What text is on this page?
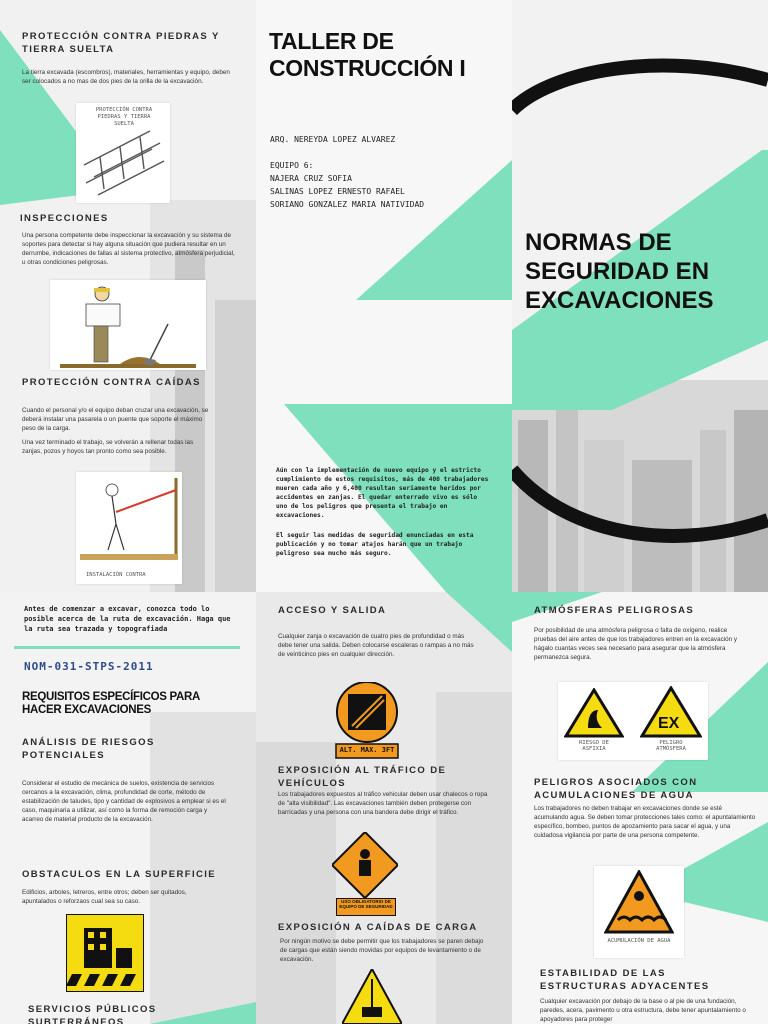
PROTECCIÓN CONTRA PIEDRAS Y TIERRA SUELTA

La tierra excavada (escombros), materiales, herramientas y equipo, deben ser colocados a no mas de dos pies de la orilla de la excavación.

PROTECCIÓN CONTRA PIEDRAS Y TIERRA SUELTA

INSPECCIONES

Una persona competente debe inspeccionar la excavación y su sistema de soportes para detectar si hay alguna situación que pudiera resultar en un derrumbe, indicaciones de fallas al sistema protectivo, atmósfera perjudicial, u otras condiciones peligrosas.

PROTECCIÓN CONTRA CAÍDAS

Cuando el personal y/o el equipo deban cruzar una excavación, se deberá instalar una pasarela o un puente que soporte el máximo peso de la carga.

Una vez terminado el trabajo, se volverán a rellenar todas las zanjas, pozos y hoyos tan pronto como sea posible.

INSTALACIÓN CONTRA

TALLER DE

CONSTRUCCIÓN I

ARQ. NEREYDA LOPEZ ALVAREZ

EQUIPO 6:

NAJERA CRUZ SOFIA

SALINAS LOPEZ ERNESTO RAFAEL

SORIANO GONZALEZ MARIA NATIVIDAD

Aún con la implementación de nuevo equipo y el estricto cumplimiento de estos requisitos, más de 400 trabajadores mueren cada año y 6,400 resultan seriamente heridos por accidentes en zanjas. El quedar enterrado vivo es sólo uno de los peligros que presenta el trabajo en excavaciones.

El seguir las medidas de seguridad enunciadas en esta publicación y no tomar atajos harán que un trabajo peligroso sea mucho más seguro.

NORMAS DE

SEGURIDAD EN

EXCAVACIONES

Antes de comenzar a excavar, conozca todo lo posible acerca de la ruta de excavación. Haga que la ruta sea trazada y topografiada

NOM-031-STPS-2011

REQUISITOS ESPECÍFICOS PARA HACER EXCAVACIONES

ANÁLISIS DE RIESGOS POTENCIALES

Considerar el estudio de mecánica de suelos, existencia de servicios cercanos a la excavación, clima, profundidad de corte, método de estabilización de taludes, tipo y cantidad de explosivos a emplear si es el caso, maquinaria a utilizar, así como la forma de remoción carga y acarreo de material producto de la excavación.

OBSTACULOS EN LA SUPERFICIE

Edificios, arboles, letreros, entre otros; deben ser quitados, apuntalados o reforzaos cual sea su caso.

SERVICIOS PÚBLICOS SUBTERRÁNEOS

ACCESO Y SALIDA

Cualquier zanja o excavación de cuatro pies de profundidad o más debe tener una salida. Deben colocarse escaleras o rampas a no más de veinticinco pies en cualquier dirección.

ALT. MAX. 3FT

EXPOSICIÓN AL TRÁFICO DE VEHÍCULOS

Los trabajadores expuestos al tráfico vehicular deben usar chalecos o ropa de "alta visibilidad". Las excavaciones también deben protegerse con barricadas y una persona con una bandera debe dirigir el tráfico.

USO OBLIGATORIO DE EQUIPO DE SEGURIDAD

EXPOSICIÓN A CAÍDAS DE CARGA

Por ningún motivo se debe permitir que los trabajadores se paren debajo de cargas que están siendo movidas por equipos de levantamiento o de excavación.

ATMÓSFERAS PELIGROSAS

Por posibilidad de una atmósfera peligrosa o falta de oxígeno, realice pruebas del aire antes de que los trabajadores entren en la excavación y hágalo cuantas veces sea necesario para asegurar que la atmósfera permanezca segura.

RIESGO DE ASFIXIA
EX
PELIGRO ATMÓSFERA

PELIGROS ASOCIADOS CON ACUMULACIONES DE AGUA

Los trabajadores no deben trabajar en excavaciones donde se esté acumulando agua. Se deben tomar protecciones tales como: el apuntalamiento específico, bombeo, puntos de apozamiento para sacar el agua, y una cuidadosa vigilancia por parte de una persona competente.

ACUMULACIÓN DE AGUA

ESTABILIDAD DE LAS ESTRUCTURAS ADYACENTES

Cualquier excavación por debajo de la base o al pie de una fundación, paredes, acera, pavimento u otra estructura, debe tener apuntalamiento o apoyadores para proteger
